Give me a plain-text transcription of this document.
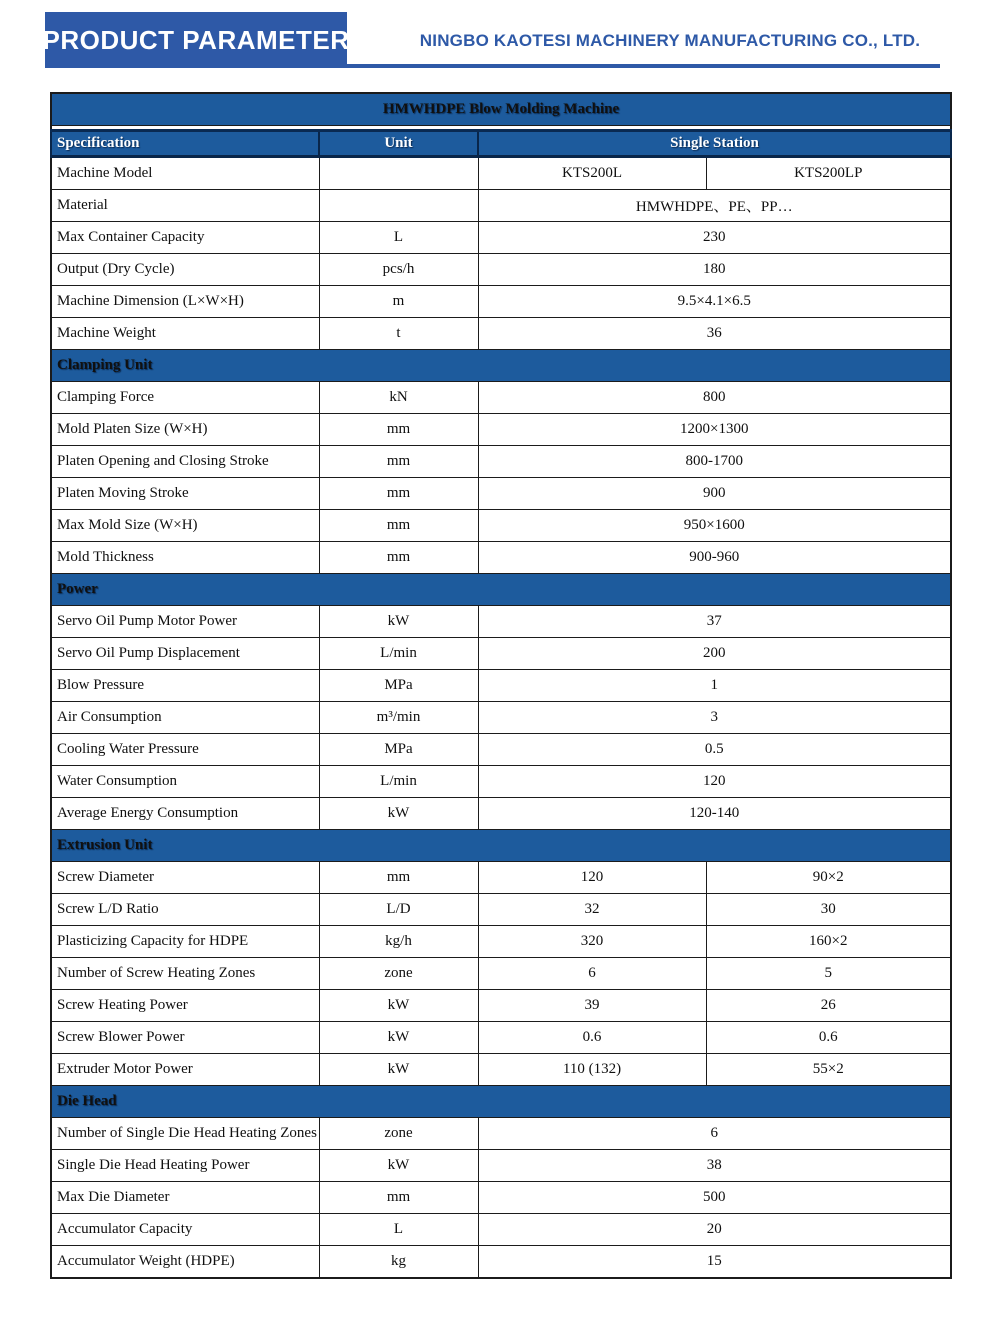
PRODUCT PARAMETER	NINGBO KAOTESI MACHINERY MANUFACTURING CO., LTD.
HMWHDPE Blow Molding Machine			

Specification	Unit	Single Station	
Machine Model		KTS200L	KTS200LP
Material		HMWHDPE、PE、PP…	
Max Container Capacity	L	230	
Output (Dry Cycle)	pcs/h	180	
Machine Dimension (L×W×H)	m	9.5×4.1×6.5	
Machine Weight	t	36	
Clamping Unit			
Clamping Force	kN	800	
Mold Platen Size (W×H)	mm	1200×1300	
Platen Opening and Closing Stroke	mm	800-1700	
Platen Moving Stroke	mm	900	
Max Mold Size (W×H)	mm	950×1600	
Mold Thickness	mm	900-960	
Power			
Servo Oil Pump Motor Power	kW	37	
Servo Oil Pump Displacement	L/min	200	
Blow Pressure	MPa	1	
Air Consumption	m³/min	3	
Cooling Water Pressure	MPa	0.5	
Water Consumption	L/min	120	
Average Energy Consumption	kW	120-140	
Extrusion Unit			
Screw Diameter	mm	120	90×2
Screw L/D Ratio	L/D	32	30
Plasticizing Capacity for HDPE	kg/h	320	160×2
Number of Screw Heating Zones	zone	6	5
Screw Heating Power	kW	39	26
Screw Blower Power	kW	0.6	0.6
Extruder Motor Power	kW	110 (132)	55×2
Die Head			
Number of Single Die Head Heating Zones	zone	6	
Single Die Head Heating Power	kW	38	
Max Die Diameter	mm	500	
Accumulator Capacity	L	20	
Accumulator Weight (HDPE)	kg	15	
